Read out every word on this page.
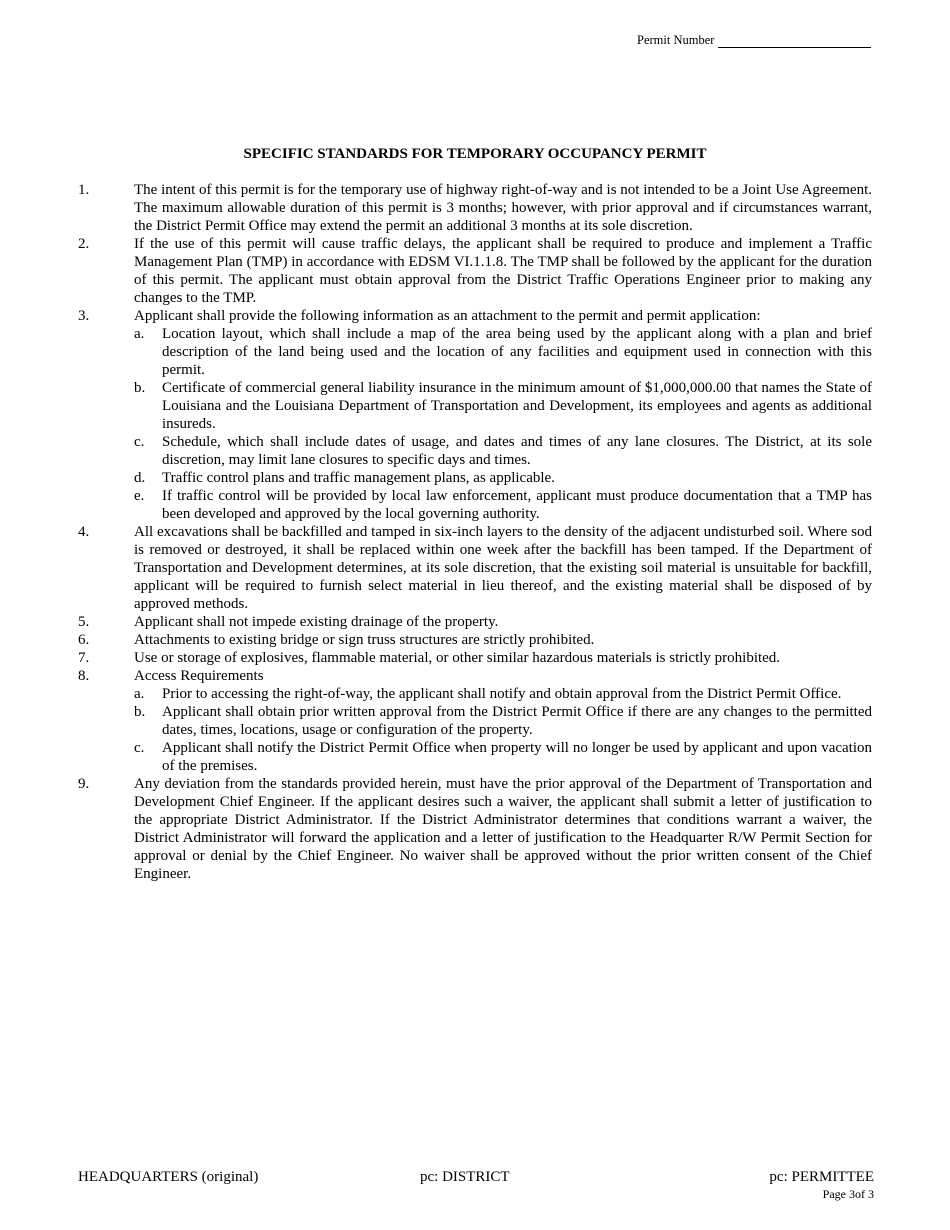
Permit Number
SPECIFIC STANDARDS FOR TEMPORARY OCCUPANCY PERMIT
1.	The intent of this permit is for the temporary use of highway right-of-way and is not intended to be a Joint Use Agreement. The maximum allowable duration of this permit is 3 months; however, with prior approval and if circumstances warrant, the District Permit Office may extend the permit an additional 3 months at its sole discretion.
2.	If the use of this permit will cause traffic delays, the applicant shall be required to produce and implement a Traffic Management Plan (TMP) in accordance with EDSM VI.1.1.8. The TMP shall be followed by the applicant for the duration of this permit. The applicant must obtain approval from the District Traffic Operations Engineer prior to making any changes to the TMP.
3.	Applicant shall provide the following information as an attachment to the permit and permit application:
a.	Location layout, which shall include a map of the area being used by the applicant along with a plan and brief description of the land being used and the location of any facilities and equipment used in connection with this permit.
b.	Certificate of commercial general liability insurance in the minimum amount of $1,000,000.00 that names the State of Louisiana and the Louisiana Department of Transportation and Development, its employees and agents as additional insureds.
c.	Schedule, which shall include dates of usage, and dates and times of any lane closures. The District, at its sole discretion, may limit lane closures to specific days and times.
d.	Traffic control plans and traffic management plans, as applicable.
e.	If traffic control will be provided by local law enforcement, applicant must produce documentation that a TMP has been developed and approved by the local governing authority.
4.	All excavations shall be backfilled and tamped in six-inch layers to the density of the adjacent undisturbed soil. Where sod is removed or destroyed, it shall be replaced within one week after the backfill has been tamped. If the Department of Transportation and Development determines, at its sole discretion, that the existing soil material is unsuitable for backfill, applicant will be required to furnish select material in lieu thereof, and the existing material shall be disposed of by approved methods.
5.	Applicant shall not impede existing drainage of the property.
6.	Attachments to existing bridge or sign truss structures are strictly prohibited.
7.	Use or storage of explosives, flammable material, or other similar hazardous materials is strictly prohibited.
8.	Access Requirements
a.	Prior to accessing the right-of-way, the applicant shall notify and obtain approval from the District Permit Office.
b.	Applicant shall obtain prior written approval from the District Permit Office if there are any changes to the permitted dates, times, locations, usage or configuration of the property.
c.	Applicant shall notify the District Permit Office when property will no longer be used by applicant and upon vacation of the premises.
9.	Any deviation from the standards provided herein, must have the prior approval of the Department of Transportation and Development Chief Engineer. If the applicant desires such a waiver, the applicant shall submit a letter of justification to the appropriate District Administrator. If the District Administrator determines that conditions warrant a waiver, the District Administrator will forward the application and a letter of justification to the Headquarter R/W Permit Section for approval or denial by the Chief Engineer. No waiver shall be approved without the prior written consent of the Chief Engineer.
HEADQUARTERS (original)	pc: DISTRICT	pc: PERMITTEE
Page 3of 3
